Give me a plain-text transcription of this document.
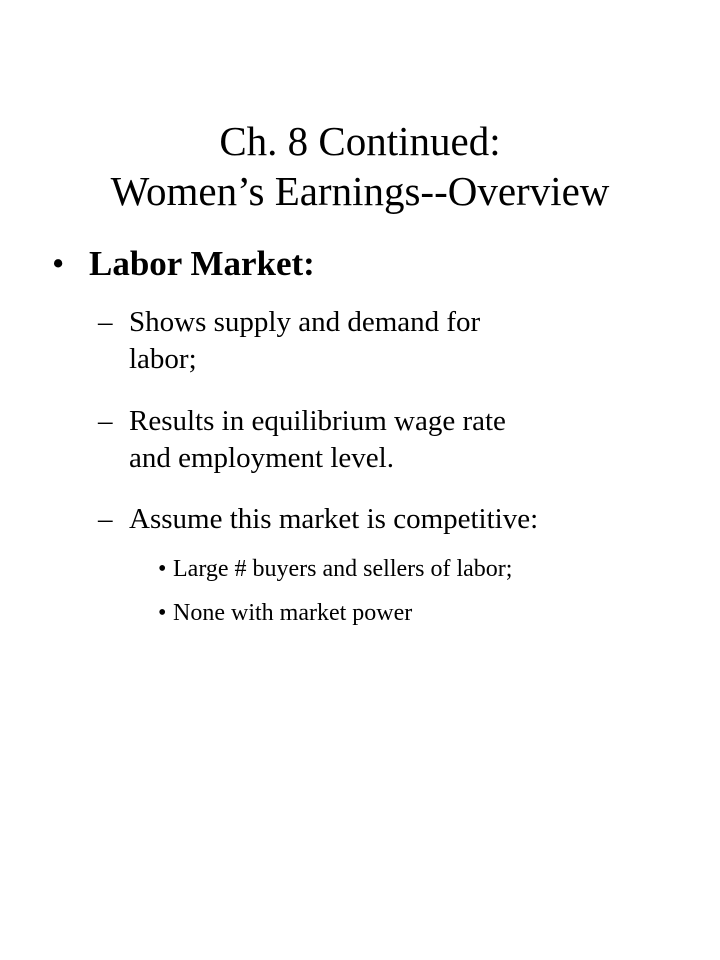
Ch. 8 Continued:
Women’s Earnings--Overview
• Labor Market:
– Shows supply and demand for
labor;
– Results in equilibrium wage rate
and employment level.
– Assume this market is competitive:
• Large # buyers and sellers of labor;
• None with market power
